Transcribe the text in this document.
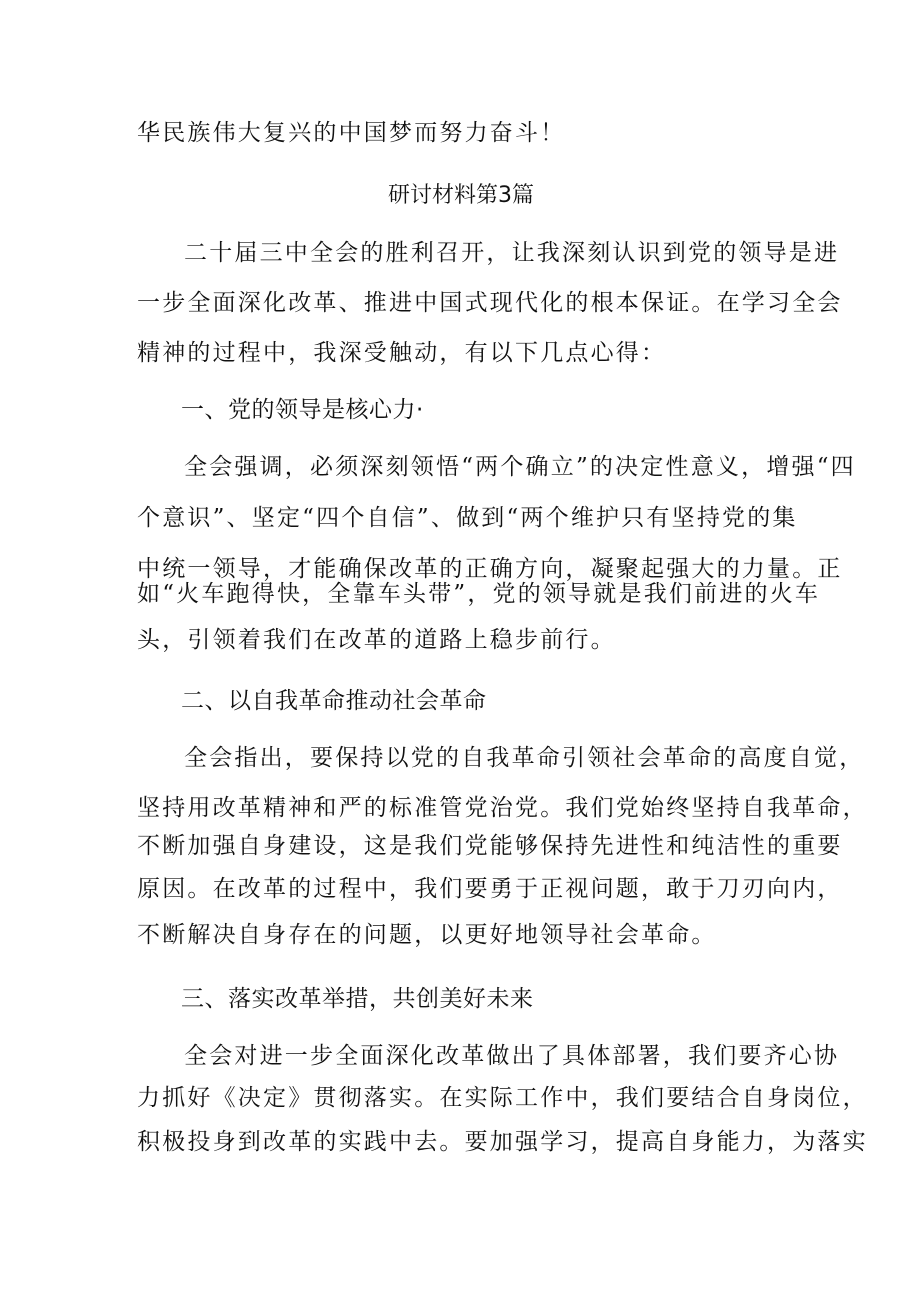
华民族伟大复兴的中国梦而努力奋斗！
研讨材料第3篇
二十届三中全会的胜利召开，让我深刻认识到党的领导是进
一步全面深化改革、推进中国式现代化的根本保证。在学习全会
精神的过程中，我深受触动，有以下几点心得：
一、党的领导是核心力·
全会强调，必须深刻领悟“两个确立”的决定性意义，增强“四
个意识”、坚定“四个自信”、做到“两个维护只有坚持党的集
中统一领导，才能确保改革的正确方向，凝聚起强大的力量。正
如“火车跑得快，全靠车头带”，党的领导就是我们前进的火车
头，引领着我们在改革的道路上稳步前行。
二、以自我革命推动社会革命
全会指出，要保持以党的自我革命引领社会革命的高度自觉，
坚持用改革精神和严的标准管党治党。我们党始终坚持自我革命，
不断加强自身建设，这是我们党能够保持先进性和纯洁性的重要
原因。在改革的过程中，我们要勇于正视问题，敢于刀刃向内，
不断解决自身存在的问题，以更好地领导社会革命。
三、落实改革举措，共创美好未来
全会对进一步全面深化改革做出了具体部署，我们要齐心协
力抓好《决定》贯彻落实。在实际工作中，我们要结合自身岗位，
积极投身到改革的实践中去。要加强学习，提高自身能力，为落实
